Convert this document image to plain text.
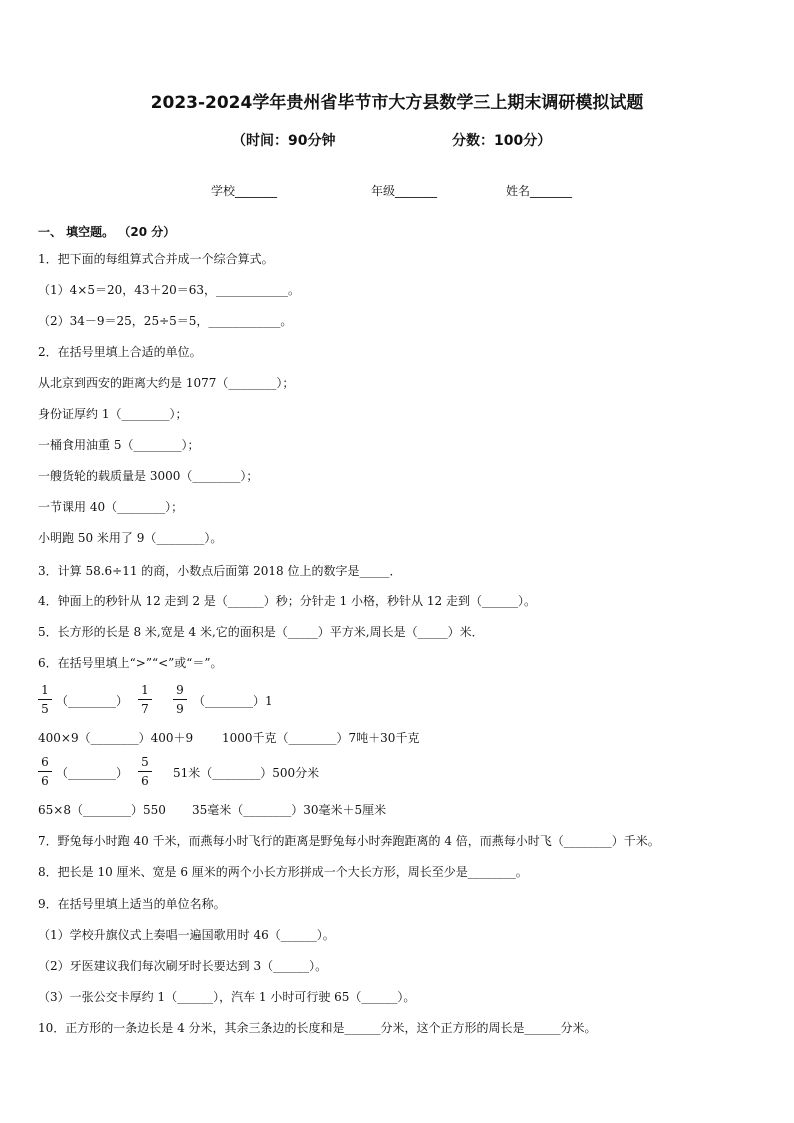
2023-2024学年贵州省毕节市大方县数学三上期末调研模拟试题
（时间：90分钟	分数：100分）
学校_______	年级_______	姓名_______
一、 填空题。 （20 分）
1．把下面的每组算式合并成一个综合算式。
（1）4×5＝20，43＋20＝63，____________。
（2）34－9＝25，25÷5＝5，____________。
2．在括号里填上合适的单位。
从北京到西安的距离大约是 1077（________）；
身份证厚约 1（________）；
一桶食用油重 5（________）；
一艘货轮的载质量是 3000（________）；
一节课用 40（________）；
小明跑 50 米用了 9（________）。
3．计算 58.6÷11 的商，小数点后面第 2018 位上的数字是_____．
4．钟面上的秒针从 12 走到 2 是（______）秒；分针走 1 小格，秒针从 12 走到（______）。
5．长方形的长是 8 米,宽是 4 米,它的面积是（_____）平方米,周长是（_____）米．
6．在括号里填上“>”“<”或“＝”。
1
5
（________）
1
7
9
9
（________）1
400×9（________）400＋9 1000千克（________）7吨＋30千克
6
6
（________）
5
6
51米（________）500分米
65×8（________）550 35毫米（________）30毫米＋5厘米
7．野兔每小时跑 40 千米，而燕每小时飞行的距离是野兔每小时奔跑距离的 4 倍，而燕每小时飞（________）千米。
8．把长是 10 厘米、宽是 6 厘米的两个小长方形拼成一个大长方形，周长至少是________。
9．在括号里填上适当的单位名称。
（1）学校升旗仪式上奏唱一遍国歌用时 46（______）。
（2）牙医建议我们每次刷牙时长要达到 3（______）。
（3）一张公交卡厚约 1（______），汽车 1 小时可行驶 65（______）。
10．正方形的一条边长是 4 分米，其余三条边的长度和是______分米，这个正方形的周长是______分米。
